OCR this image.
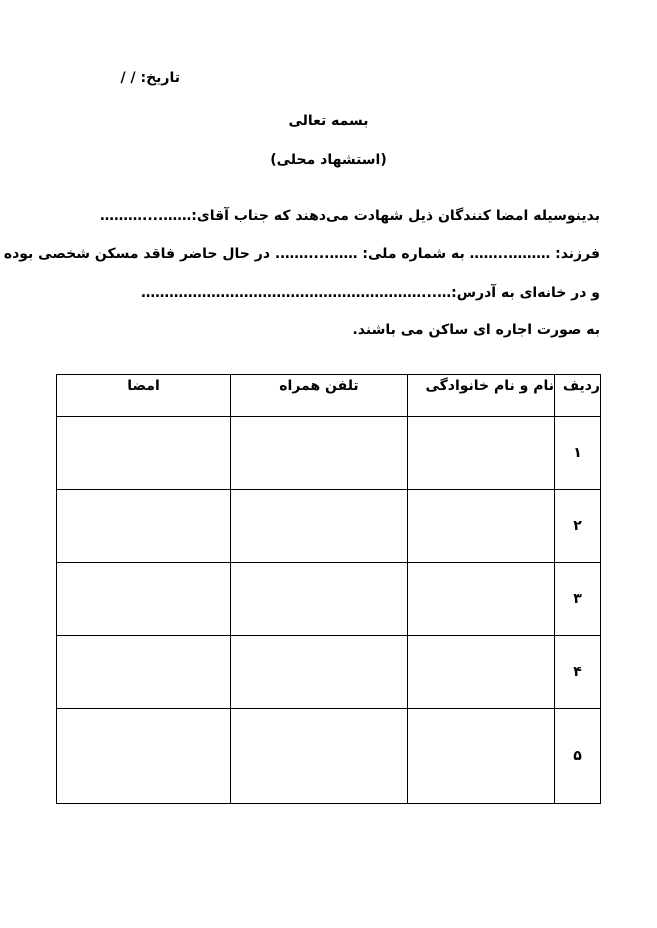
تاریخ: / /
بسمه تعالی
(استشهاد محلی)
بدینوسیله امضا کنندگان ذیل شهادت می‌دهند که جناب آقای:……....………
فرزند: ………..…… به شماره ملی: ……....……. در حال حاضر فاقد مسکن شخصی بوده
و در خانه‌ای به آدرس:…...……………………………………………………
به صورت اجاره ای ساکن می باشند.
ردیف	نام و نام خانوادگی	تلفن همراه	امضا
۱			
۲			
۳			
۴			
۵			
